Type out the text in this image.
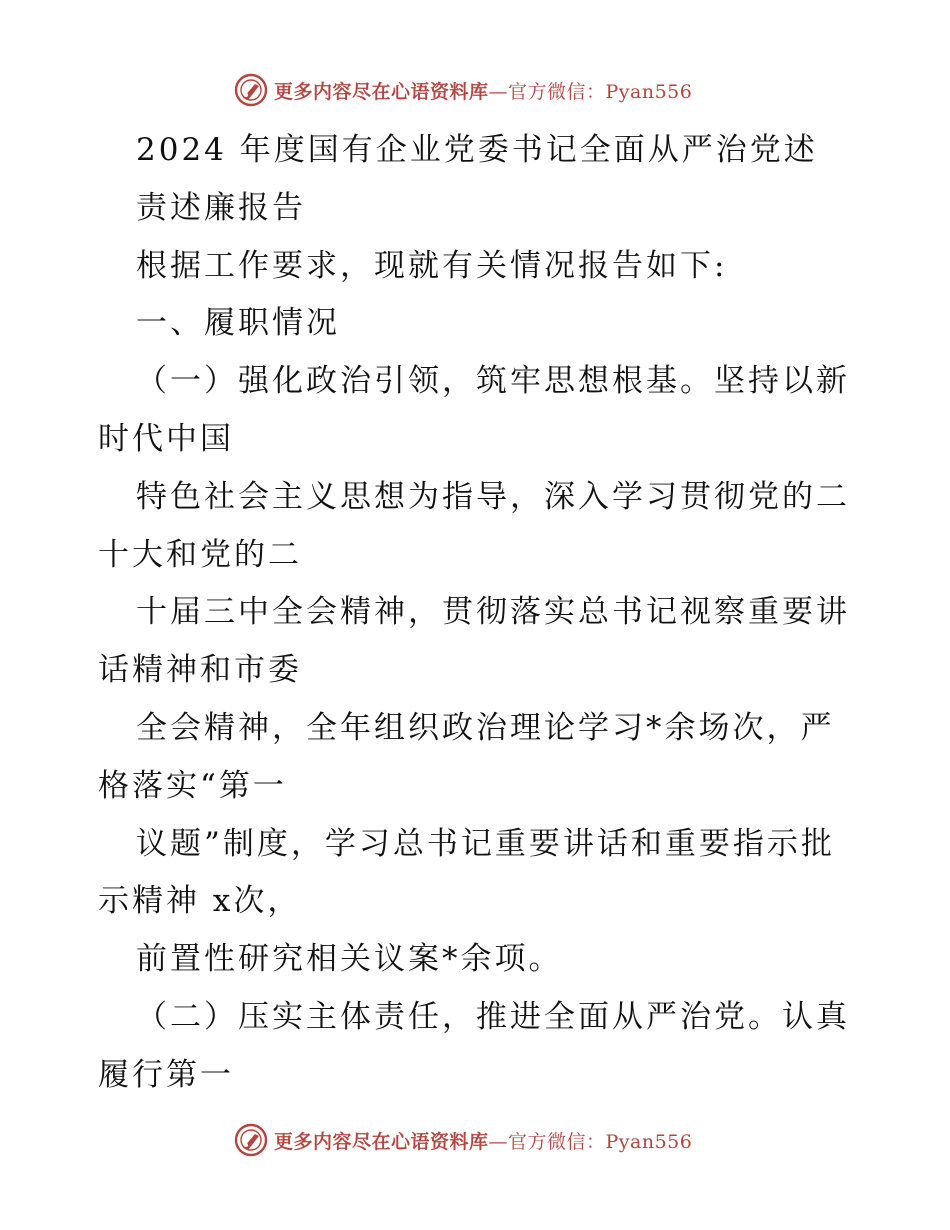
更多内容尽在心语资料库—官方微信：Pyan556
2024 年度国有企业党委书记全面从严治党述
责述廉报告
根据工作要求，现就有关情况报告如下:
一、履职情况
（一）强化政治引领，筑牢思想根基。坚持以新
时代中国
特色社会主义思想为指导，深入学习贯彻党的二
十大和党的二
十届三中全会精神，贯彻落实总书记视察重要讲
话精神和市委
全会精神，全年组织政治理论学习*余场次，严
格落实“第一
议题”制度，学习总书记重要讲话和重要指示批
示精神 x次，
前置性研究相关议案*余项。
（二）压实主体责任，推进全面从严治党。认真
履行第一
更多内容尽在心语资料库—官方微信：Pyan556
